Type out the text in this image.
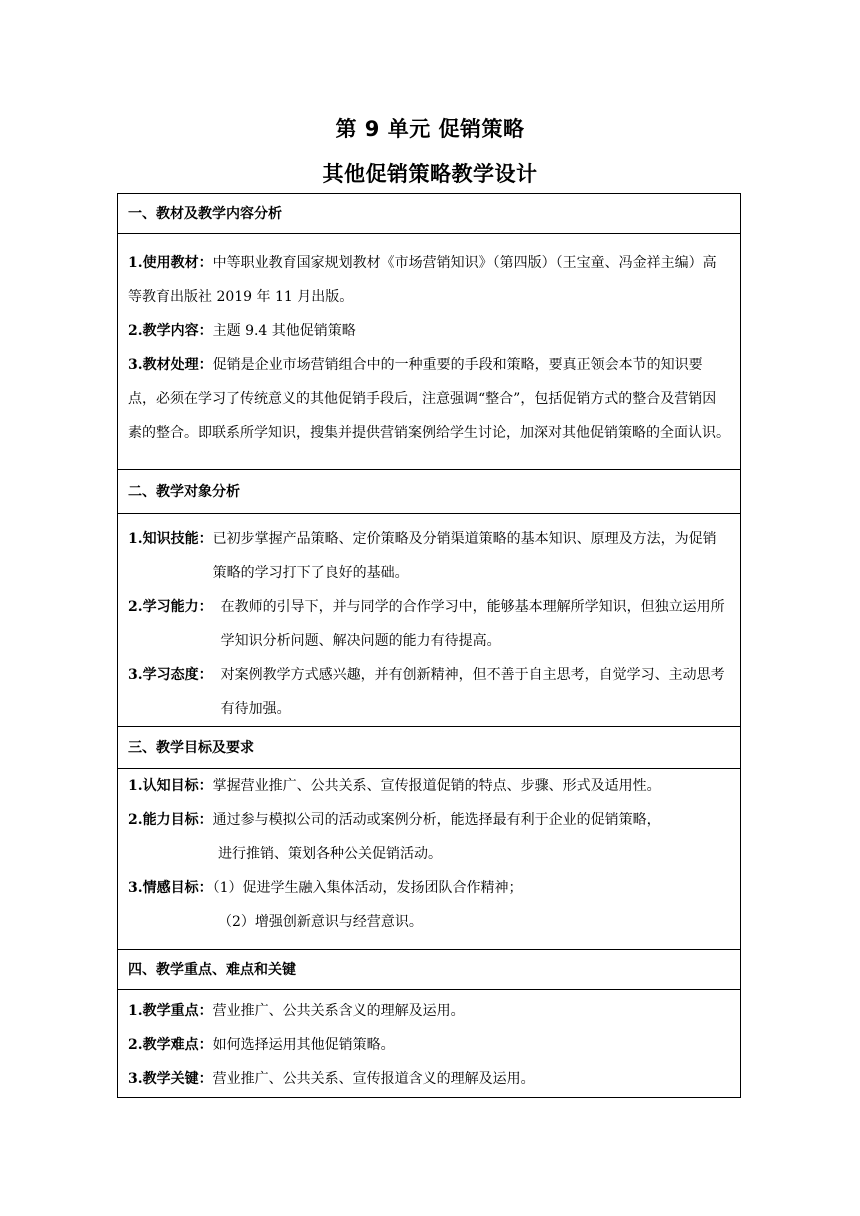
第 9 单元 促销策略
其他促销策略教学设计
一、教材及教学内容分析

1.使用教材：中等职业教育国家规划教材《市场营销知识》（第四版）（王宝童、冯金祥主编）高等教育出版社 2019 年 11 月出版。
2.教学内容：主题 9.4 其他促销策略
3.教材处理：促销是企业市场营销组合中的一种重要的手段和策略，要真正领会本节的知识要点，必须在学习了传统意义的其他促销手段后，注意强调“整合”，包括促销方式的整合及营销因素的整合。即联系所学知识，搜集并提供营销案例给学生讨论，加深对其他促销策略的全面认识。

二、教学对象分析

1.知识技能： 已初步掌握产品策略、定价策略及分销渠道策略的基本知识、原理及方法，为促销策略的学习打下了良好的基础。
2.学习能力： 在教师的引导下，并与同学的合作学习中，能够基本理解所学知识，但独立运用所学知识分析问题、解决问题的能力有待提高。
3.学习态度： 对案例教学方式感兴趣，并有创新精神，但不善于自主思考，自觉学习、主动思考有待加强。

三、教学目标及要求

1.认知目标：掌握营业推广、公共关系、宣传报道促销的特点、步骤、形式及适用性。
2.能力目标：通过参与模拟公司的活动或案例分析，能选择最有利于企业的促销策略，
进行推销、策划各种公关促销活动。
3.情感目标：（1）促进学生融入集体活动，发扬团队合作精神；
（2）增强创新意识与经营意识。

四、教学重点、难点和关键

1.教学重点：营业推广、公共关系含义的理解及运用。
2.教学难点：如何选择运用其他促销策略。
3.教学关键：营业推广、公共关系、宣传报道含义的理解及运用。
